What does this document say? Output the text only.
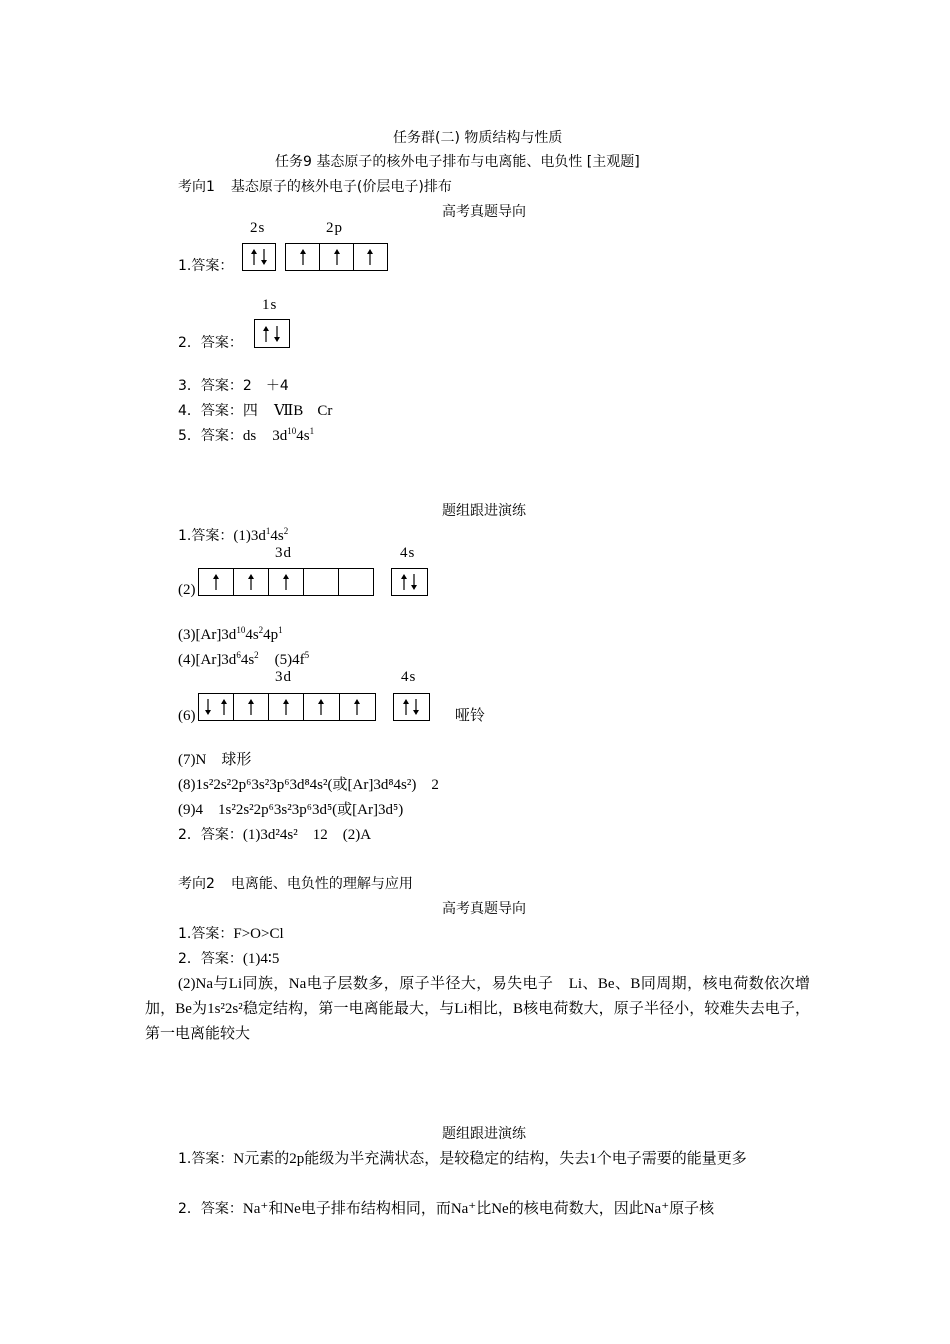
任务群(二) 物质结构与性质
任务9 基态原子的核外电子排布与电离能、电负性 [主观题]
考向1 基态原子的核外电子(价层电子)排布
高考真题导向
2s	2p
1.答案：
1s
2．答案：
3．答案：2　＋4
4．答案：四 ⅦB Cr
5．答案：ds $3d^{10}4s^1$
题组跟进演练
1.答案：$(1)3d^14s^2$
3d	4s
(2)
$(3)[Ar]3d^{10}4s^24p^1$
$(4)[Ar]3d^64s^2$ $(5)4f^5$
3d	4s
(6)	哑铃
(7)N　球形
(8)1s²2s²2p⁶3s²3p⁶3d⁸4s²(或[Ar]3d⁸4s²)　2
(9)4　1s²2s²2p⁶3s²3p⁶3d⁵(或[Ar]3d⁵)
2．答案：(1)3d²4s²　12　(2)A
考向2 电离能、电负性的理解与应用
高考真题导向
1.答案：F>O>Cl
2．答案：(1)4∶5
(2)Na与Li同族，Na电子层数多，原子半径大，易失电子　Li、Be、B同周期，核电荷数依次增加，Be为1s²2s²稳定结构，第一电离能最大，与Li相比，B核电荷数大，原子半径小，较难失去电子，第一电离能较大
题组跟进演练
1.答案：N元素的2p能级为半充满状态，是较稳定的结构，失去1个电子需要的能量更多
2．答案：Na⁺和Ne电子排布结构相同，而Na⁺比Ne的核电荷数大，因此Na⁺原子核
